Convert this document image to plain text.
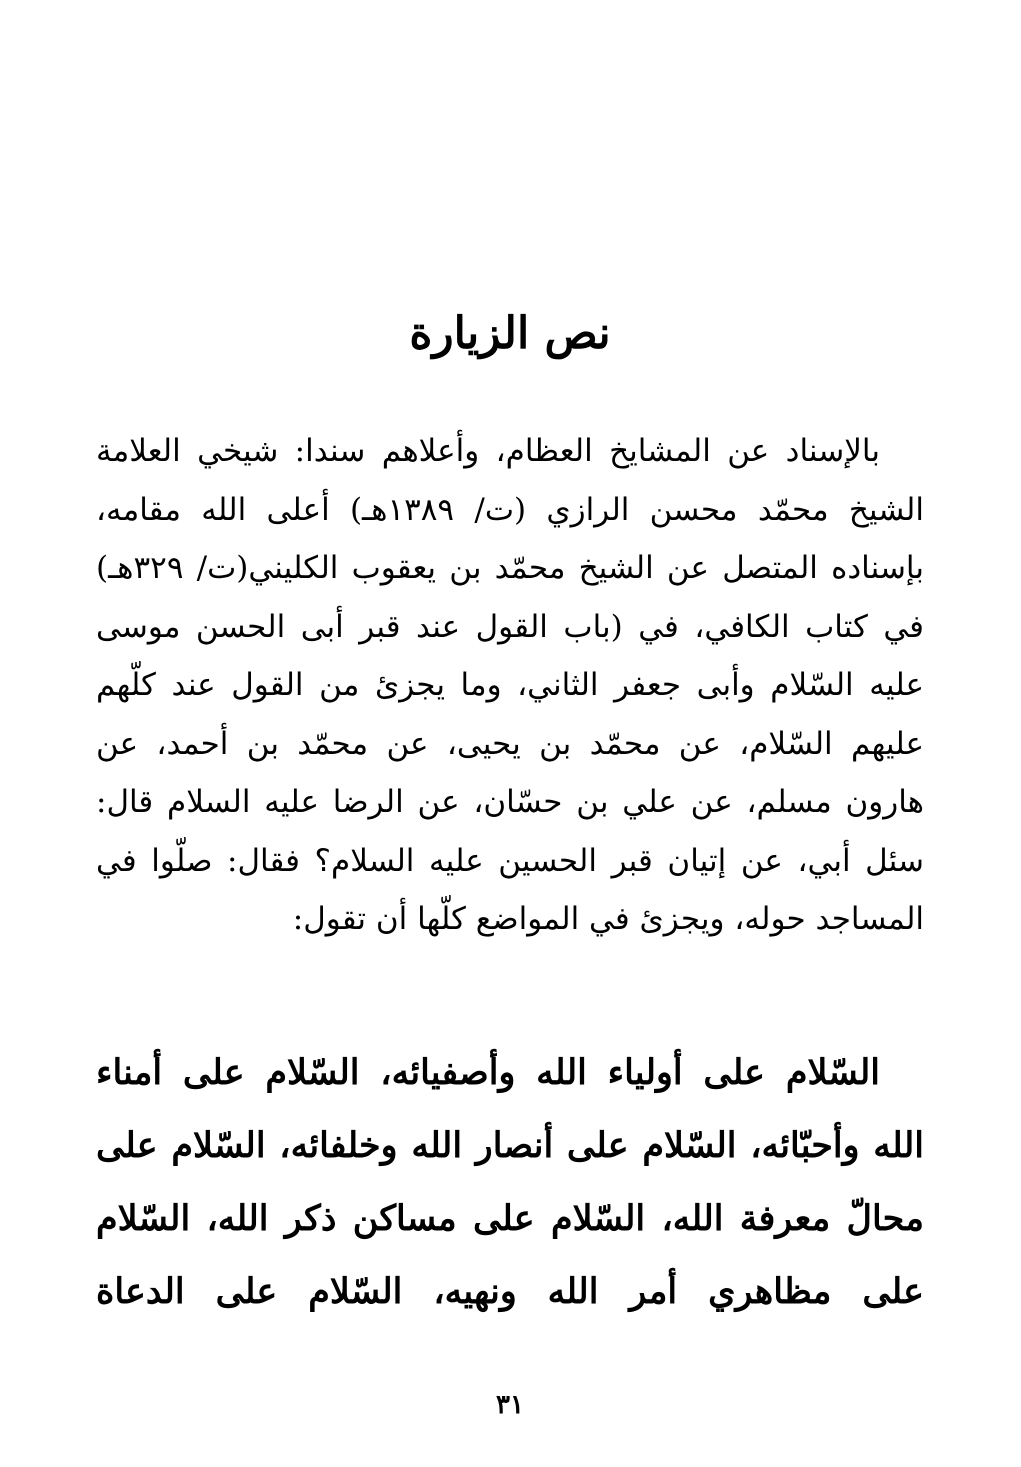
نص الزيارة

بالإسناد عن المشايخ العظام، وأعلاهم سندا: شيخي العلامة الشيخ محمّد محسن الرازي (ت/ ١٣٨٩هـ) أعلى الله مقامه، بإسناده المتصل عن الشيخ محمّد بن يعقوب الكليني(ت/ ٣٢٩هـ) في كتاب الكافي، في (باب القول عند قبر أبى الحسن موسى عليه السّلام وأبى جعفر الثاني، وما يجزئ من القول عند كلّهم عليهم السّلام، عن محمّد بن يحيى، عن محمّد بن أحمد، عن هارون مسلم، عن علي بن حسّان، عن الرضا عليه السلام قال: سئل أبي، عن إتيان قبر الحسين عليه السلام؟ فقال: صلّوا في المساجد حوله، ويجزئ في المواضع كلّها أن تقول:

السّلام على أولياء الله وأصفيائه، السّلام على أمناء الله وأحبّائه، السّلام على أنصار الله وخلفائه، السّلام على محالّ معرفة الله، السّلام على مساكن ذكر الله، السّلام على مظاهري أمر الله ونهيه، السّلام على الدعاة

٣١
